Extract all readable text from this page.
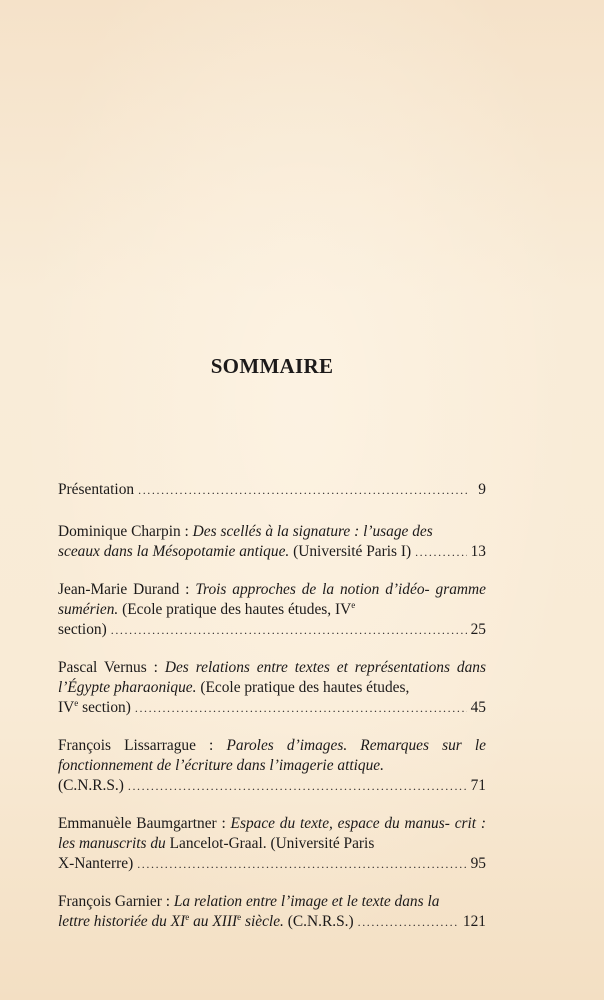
SOMMAIRE
Présentation .....	9
Dominique Charpin : Des scellés à la signature : l’usage des
sceaux dans la Mésopotamie antique. (Université Paris I) .....	13
Jean-Marie Durand : Trois approches de la notion d’idéo- gramme sumérien. (Ecole pratique des hautes études, IVe
section) .....	25
Pascal Vernus : Des relations entre textes et représentations dans l’Égypte pharaonique. (Ecole pratique des hautes études,
IVe section) .....	45
François Lissarrague : Paroles d’images. Remarques sur le fonctionnement de l’écriture dans l’imagerie attique.
(C.N.R.S.) .....	71
Emmanuèle Baumgartner : Espace du texte, espace du manus- crit : les manuscrits du Lancelot-Graal. (Université Paris
X-Nanterre) .....	95
François Garnier : La relation entre l’image et le texte dans la
lettre historiée du XIe au XIIIe siècle. (C.N.R.S.) .....	121
